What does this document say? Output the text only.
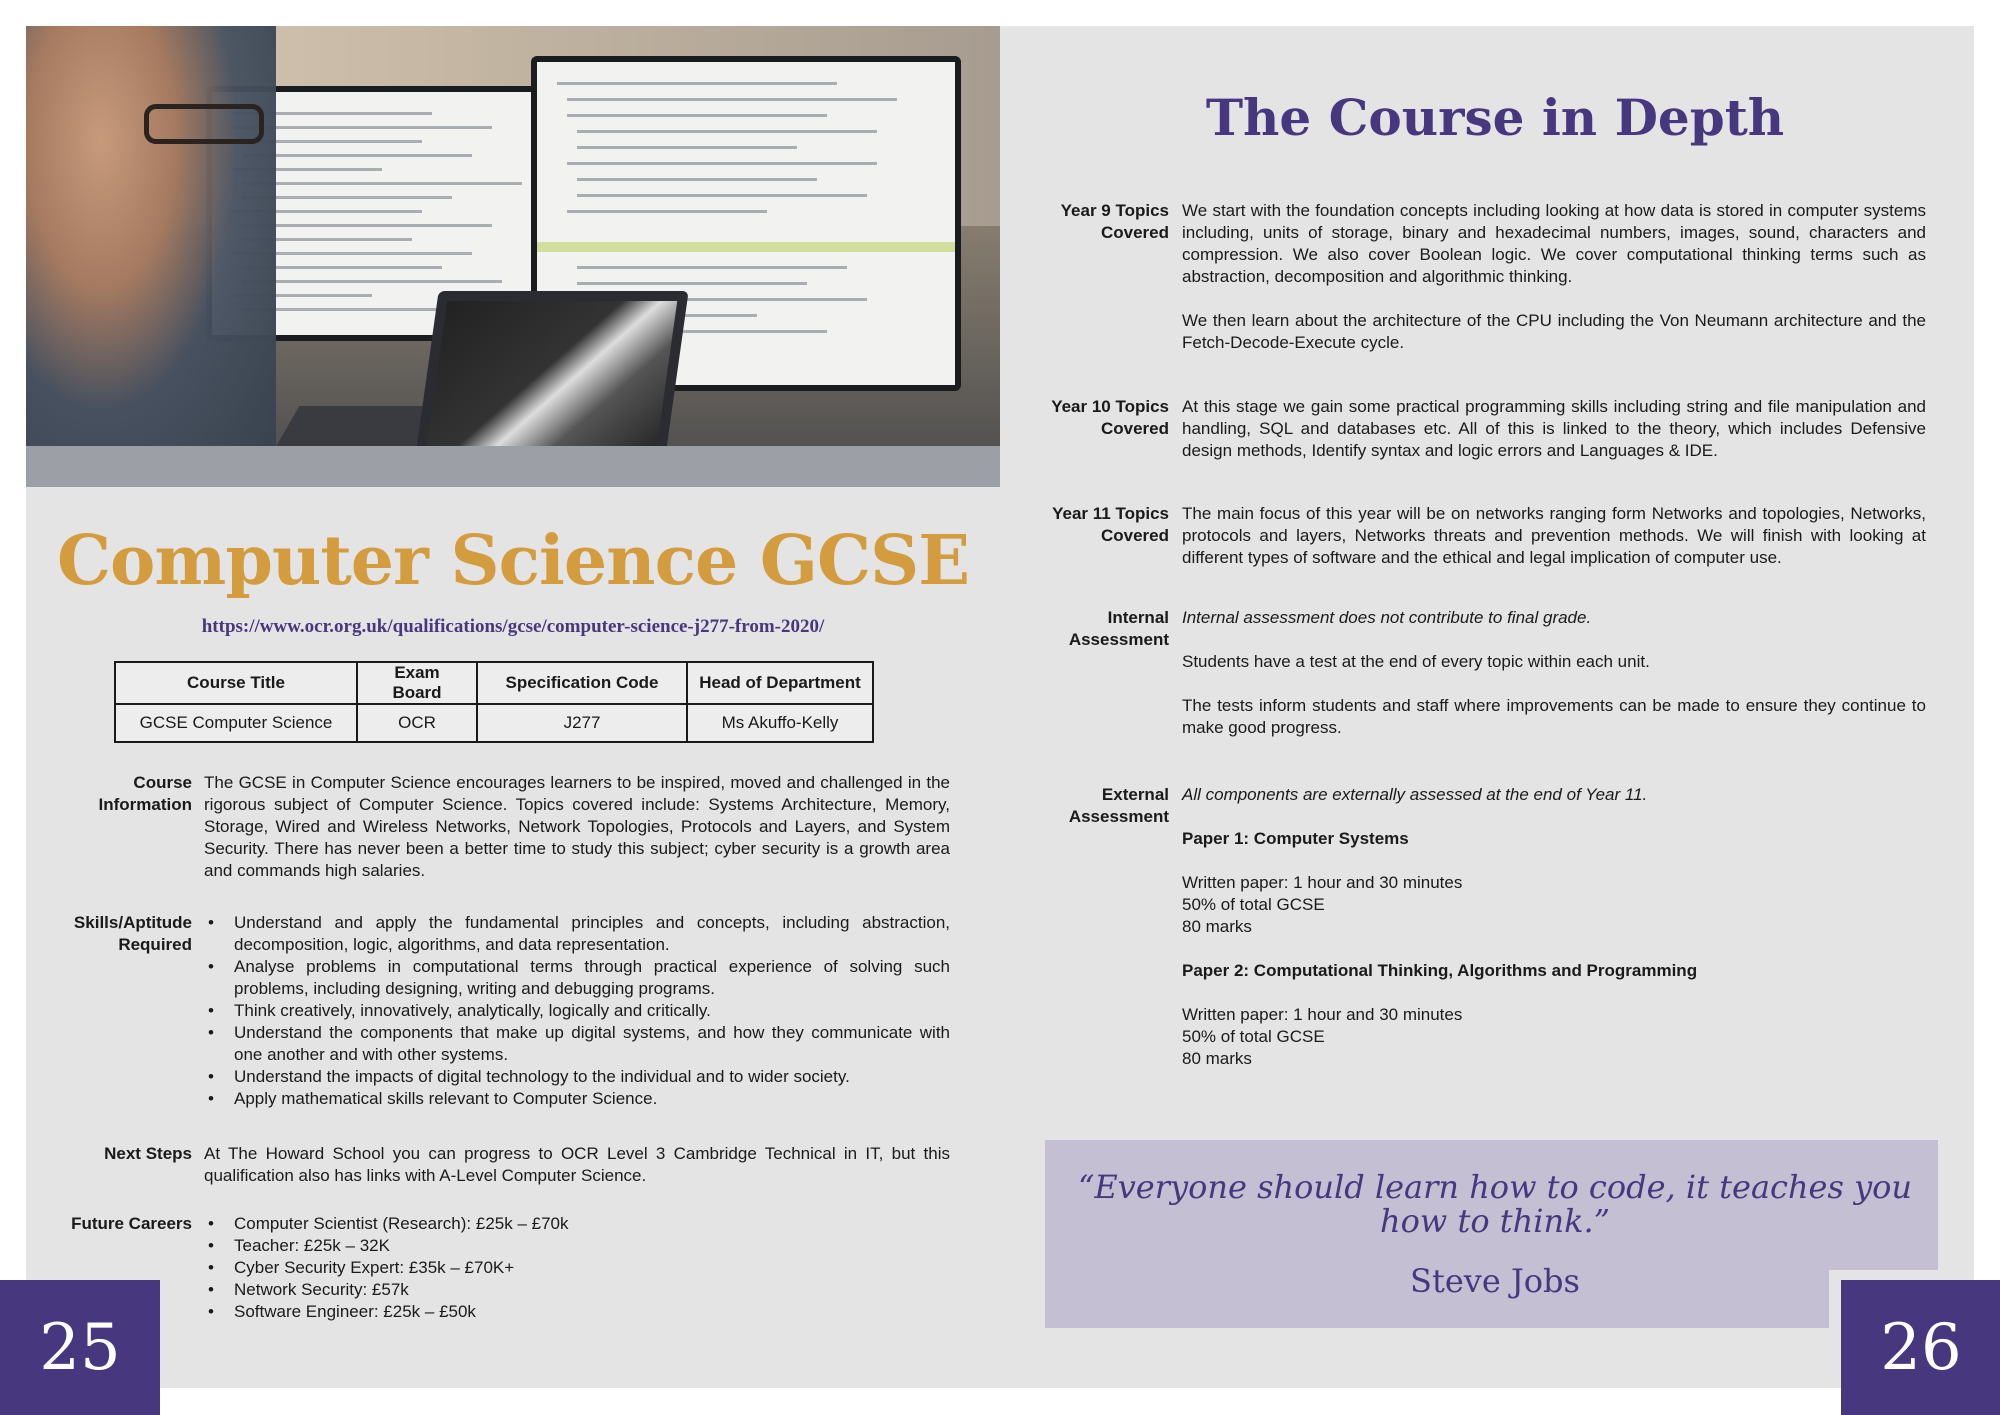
Computer Science GCSE
https://www.ocr.org.uk/qualifications/gcse/computer-science-j277-from-2020/
Course Title	Exam Board	Specification Code	Head of Department
GCSE Computer Science	OCR	J277	Ms Akuffo-Kelly
Course
Information
The GCSE in Computer Science encourages learners to be inspired, moved and challenged in the rigorous subject of Computer Science. Topics covered include: Systems Architecture, Memory, Storage, Wired and Wireless Networks, Network Topologies, Protocols and Layers, and System Security. There has never been a better time to study this subject; cyber security is a growth area and commands high salaries.
Skills/Aptitude
Required
• Understand and apply the fundamental principles and concepts, including abstraction, decomposition, logic, algorithms, and data representation.
• Analyse problems in computational terms through practical experience of solving such problems, including designing, writing and debugging programs.
• Think creatively, innovatively, analytically, logically and critically.
• Understand the components that make up digital systems, and how they communicate with one another and with other systems.
• Understand the impacts of digital technology to the individual and to wider society.
• Apply mathematical skills relevant to Computer Science.
Next Steps At The Howard School you can progress to OCR Level 3 Cambridge Technical in IT, but this qualification also has links with A-Level Computer Science.
Future Careers	• Computer Scientist (Research): £25k – £70k
• Teacher: £25k – 32K
• Cyber Security Expert: £35k – £70K+
• Network Security: £57k
• Software Engineer: £25k – £50k
25
The Course in Depth
Year 9 Topics
Covered

We start with the foundation concepts including looking at how data is stored in computer systems including, units of storage, binary and hexadecimal numbers, images, sound, characters and compression. We also cover Boolean logic. We cover computational thinking terms such as abstraction, decomposition and algorithmic thinking.

We then learn about the architecture of the CPU including the Von Neumann architecture and the Fetch-Decode-Execute cycle.

Year 10 Topics
Covered
At this stage we gain some practical programming skills including string and file manipulation and handling, SQL and databases etc. All of this is linked to the theory, which includes Defensive design methods, Identify syntax and logic errors and Languages & IDE.
Year 11 Topics
Covered
The main focus of this year will be on networks ranging form Networks and topologies, Networks, protocols and layers, Networks threats and prevention methods. We will finish with looking at different types of software and the ethical and legal implication of computer use.
Internal
Assessment

Internal assessment does not contribute to final grade.

Students have a test at the end of every topic within each unit.

The tests inform students and staff where improvements can be made to ensure they continue to make good progress.

External
Assessment

All components are externally assessed at the end of Year 11.

Paper 1: Computer Systems

Written paper: 1 hour and 30 minutes
50% of total GCSE
80 marks

Paper 2: Computational Thinking, Algorithms and Programming

Written paper: 1 hour and 30 minutes
50% of total GCSE
80 marks
“Everyone should learn how to code, it teaches you how to think.”
Steve Jobs
26
